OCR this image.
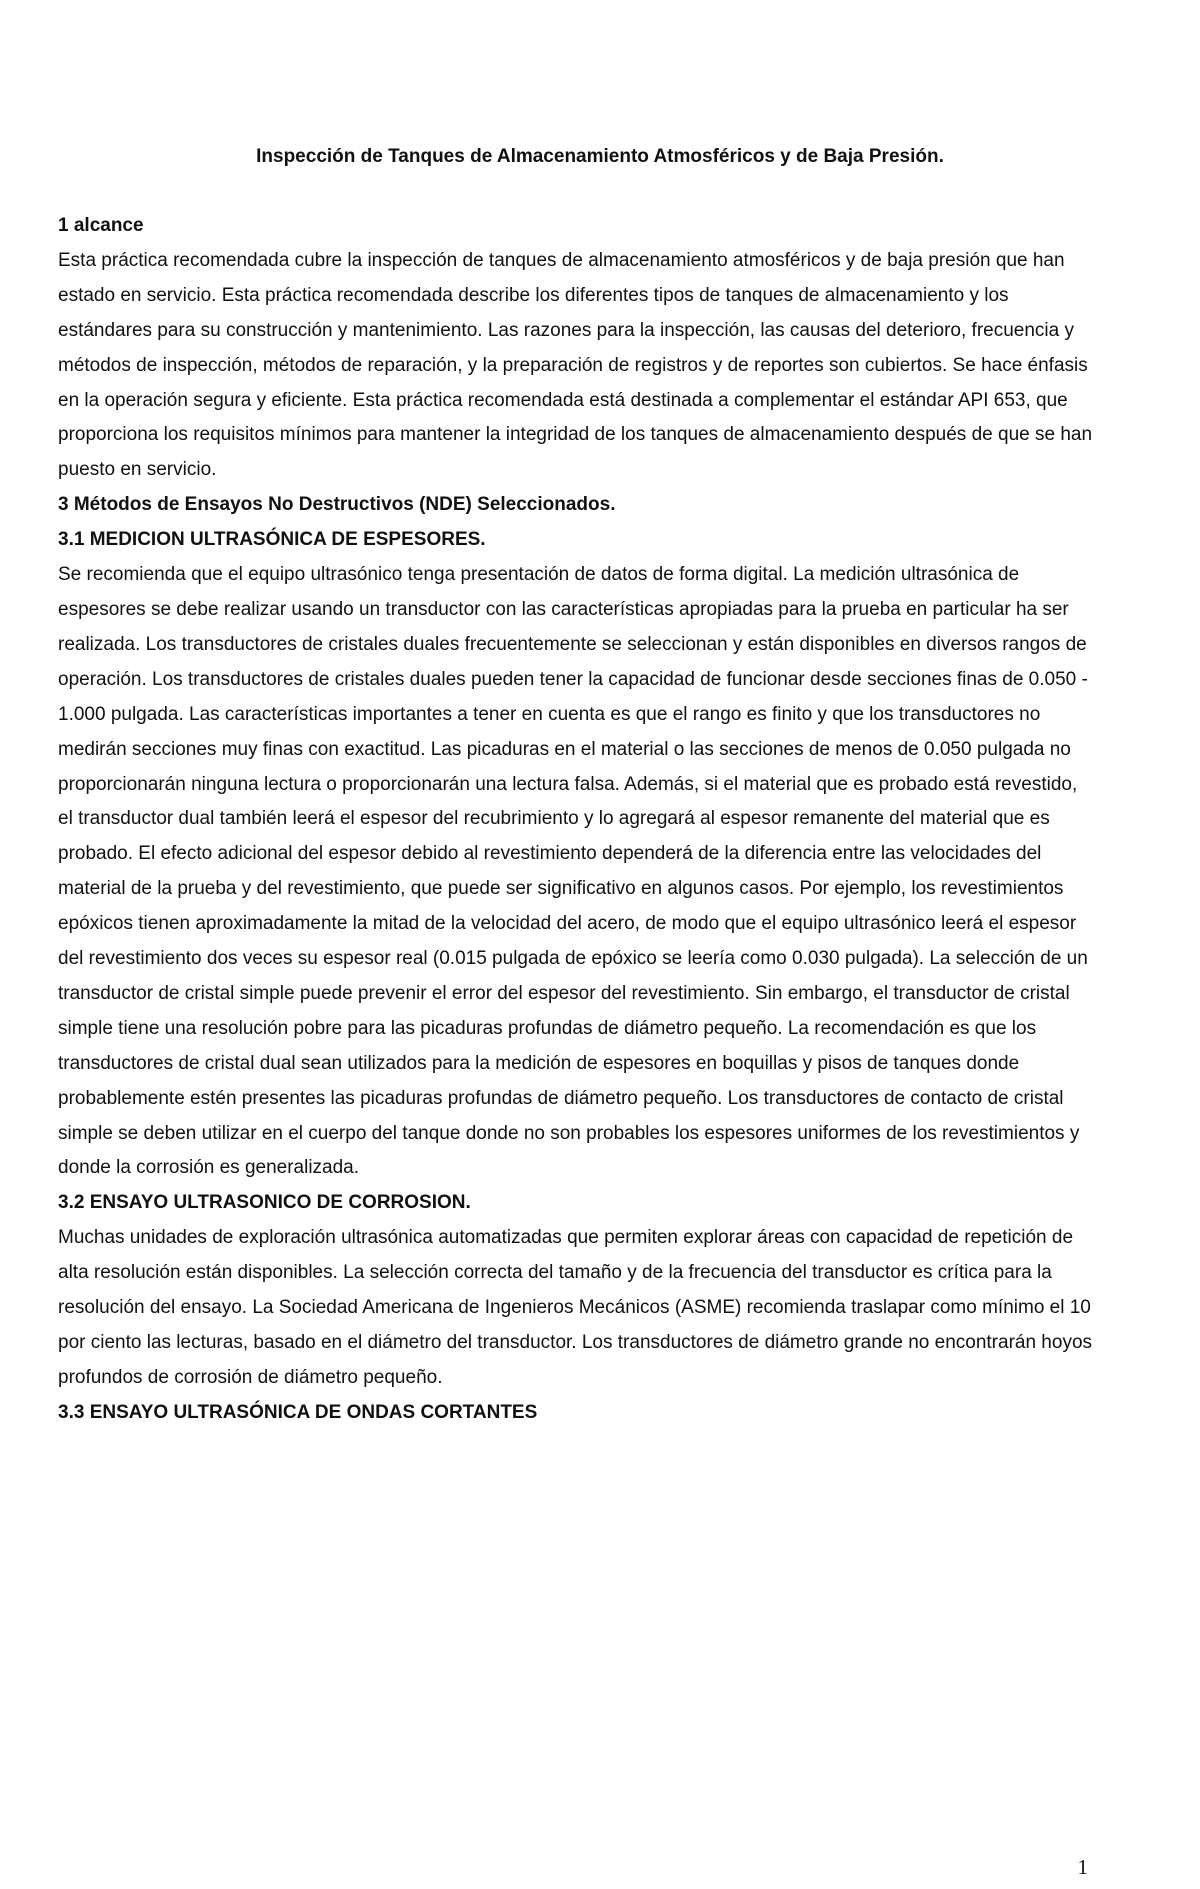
Inspección de Tanques de Almacenamiento Atmosféricos y de Baja Presión.
1 alcance

Esta práctica recomendada cubre la inspección de tanques de almacenamiento atmosféricos y de baja presión que han estado en servicio. Esta práctica recomendada describe los diferentes tipos de tanques de almacenamiento y los estándares para su construcción y mantenimiento. Las razones para la inspección, las causas del deterioro, frecuencia y métodos de inspección, métodos de reparación, y la preparación de registros y de reportes son cubiertos. Se hace énfasis en la operación segura y eficiente. Esta práctica recomendada está destinada a complementar el estándar API 653, que proporciona los requisitos mínimos para mantener la integridad de los tanques de almacenamiento después de que se han puesto en servicio.

3 Métodos de Ensayos No Destructivos (NDE) Seleccionados.
3.1 MEDICION ULTRASÓNICA DE ESPESORES.

Se recomienda que el equipo ultrasónico tenga presentación de datos de forma digital. La medición ultrasónica de espesores se debe realizar usando un transductor con las características apropiadas para la prueba en particular ha ser realizada. Los transductores de cristales duales frecuentemente se seleccionan y están disponibles en diversos rangos de operación. Los transductores de cristales duales pueden tener la capacidad de funcionar desde secciones finas de 0.050 - 1.000 pulgada. Las características importantes a tener en cuenta es que el rango es finito y que los transductores no medirán secciones muy finas con exactitud. Las picaduras en el material o las secciones de menos de 0.050 pulgada no proporcionarán ninguna lectura o proporcionarán una lectura falsa. Además, si el material que es probado está revestido, el transductor dual también leerá el espesor del recubrimiento y lo agregará al espesor remanente del material que es probado. El efecto adicional del espesor debido al revestimiento dependerá de la diferencia entre las velocidades del material de la prueba y del revestimiento, que puede ser significativo en algunos casos. Por ejemplo, los revestimientos epóxicos tienen aproximadamente la mitad de la velocidad del acero, de modo que el equipo ultrasónico leerá el espesor del revestimiento dos veces su espesor real (0.015 pulgada de epóxico se leería como 0.030 pulgada). La selección de un transductor de cristal simple puede prevenir el error del espesor del revestimiento. Sin embargo, el transductor de cristal simple tiene una resolución pobre para las picaduras profundas de diámetro pequeño. La recomendación es que los transductores de cristal dual sean utilizados para la medición de espesores en boquillas y pisos de tanques donde probablemente estén presentes las picaduras profundas de diámetro pequeño. Los transductores de contacto de cristal simple se deben utilizar en el cuerpo del tanque donde no son probables los espesores uniformes de los revestimientos y donde la corrosión es generalizada.

3.2 ENSAYO ULTRASONICO DE CORROSION.

Muchas unidades de exploración ultrasónica automatizadas que permiten explorar áreas con capacidad de repetición de alta resolución están disponibles. La selección correcta del tamaño y de la frecuencia del transductor es crítica para la resolución del ensayo. La Sociedad Americana de Ingenieros Mecánicos (ASME) recomienda traslapar como mínimo el 10 por ciento las lecturas, basado en el diámetro del transductor. Los transductores de diámetro grande no encontrarán hoyos profundos de corrosión de diámetro pequeño.

3.3 ENSAYO ULTRASÓNICA DE ONDAS CORTANTES
1
